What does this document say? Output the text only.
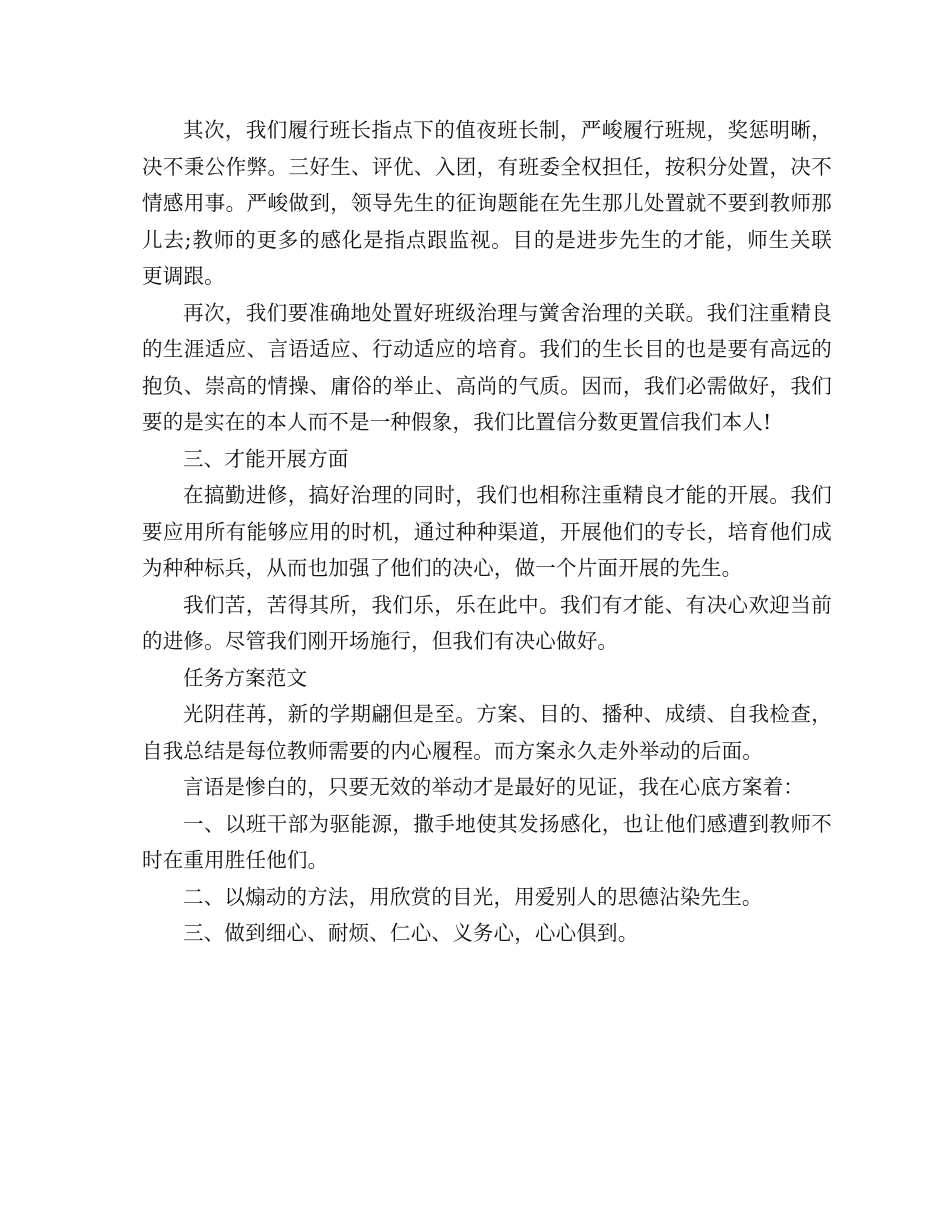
其次，我们履行班长指点下的值夜班长制，严峻履行班规，奖惩明晰，决不秉公作弊。三好生、评优、入团，有班委全权担任，按积分处置，决不情感用事。严峻做到，领导先生的征询题能在先生那儿处置就不要到教师那儿去;教师的更多的感化是指点跟监视。目的是进步先生的才能，师生关联更调跟。

再次，我们要准确地处置好班级治理与黉舍治理的关联。我们注重精良的生涯适应、言语适应、行动适应的培育。我们的生长目的也是要有高远的抱负、崇高的情操、庸俗的举止、高尚的气质。因而，我们必需做好，我们要的是实在的本人而不是一种假象，我们比置信分数更置信我们本人!

三、才能开展方面

在搞勤进修，搞好治理的同时，我们也相称注重精良才能的开展。我们要应用所有能够应用的时机，通过种种渠道，开展他们的专长，培育他们成为种种标兵，从而也加强了他们的决心，做一个片面开展的先生。

我们苦，苦得其所，我们乐，乐在此中。我们有才能、有决心欢迎当前的进修。尽管我们刚开场施行，但我们有决心做好。

任务方案范文

光阴荏苒，新的学期翩但是至。方案、目的、播种、成绩、自我检查，自我总结是每位教师需要的内心履程。而方案永久走外举动的后面。

言语是惨白的，只要无效的举动才是最好的见证，我在心底方案着：

一、以班干部为驱能源，撒手地使其发扬感化，也让他们感遭到教师不时在重用胜任他们。

二、以煽动的方法，用欣赏的目光，用爱别人的思德沾染先生。

三、做到细心、耐烦、仁心、义务心，心心俱到。
